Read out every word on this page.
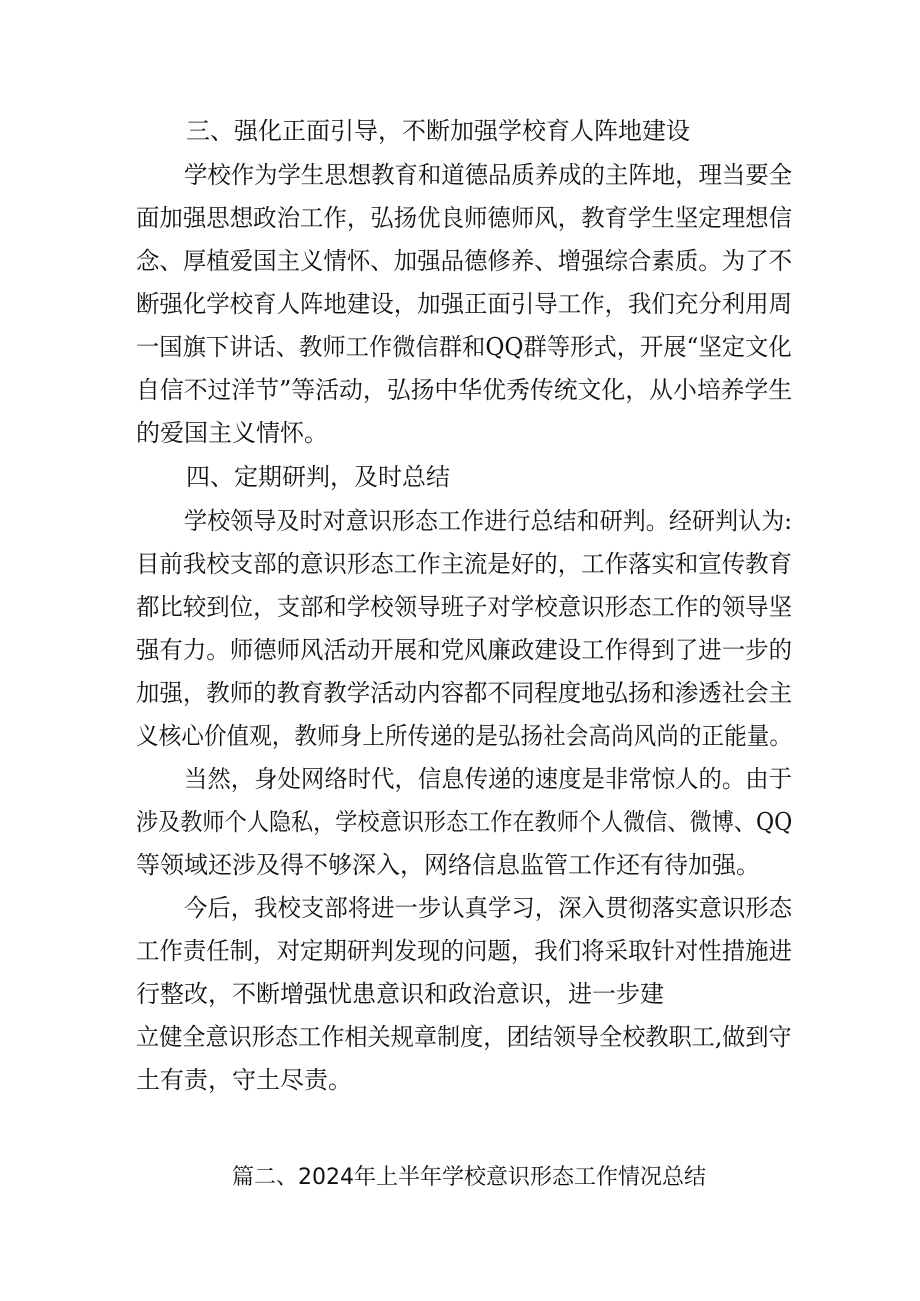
三、强化正面引导，不断加强学校育人阵地建设
学校作为学生思想教育和道德品质养成的主阵地，理当要全
面加强思想政治工作，弘扬优良师德师风，教育学生坚定理想信
念、厚植爱国主义情怀、加强品德修养、增强综合素质。为了不
断强化学校育人阵地建设，加强正面引导工作，我们充分利用周
一国旗下讲话、教师工作微信群和QQ群等形式，开展“坚定文化
自信不过洋节”等活动，弘扬中华优秀传统文化，从小培养学生
的爱国主义情怀。
四、定期研判，及时总结
学校领导及时对意识形态工作进行总结和研判。经研判认为:
目前我校支部的意识形态工作主流是好的，工作落实和宣传教育
都比较到位，支部和学校领导班子对学校意识形态工作的领导坚
强有力。师德师风活动开展和党风廉政建设工作得到了进一步的
加强，教师的教育教学活动内容都不同程度地弘扬和渗透社会主
义核心价值观，教师身上所传递的是弘扬社会高尚风尚的正能量。
当然，身处网络时代，信息传递的速度是非常惊人的。由于
涉及教师个人隐私，学校意识形态工作在教师个人微信、微博、QQ
等领域还涉及得不够深入，网络信息监管工作还有待加强。
今后，我校支部将进一步认真学习，深入贯彻落实意识形态
工作责任制，对定期研判发现的问题，我们将采取针对性措施进
行整改，不断增强忧患意识和政治意识，进一步建
立健全意识形态工作相关规章制度，团结领导全校教职工,做到守
土有责，守土尽责。
篇二、2024年上半年学校意识形态工作情况总结
